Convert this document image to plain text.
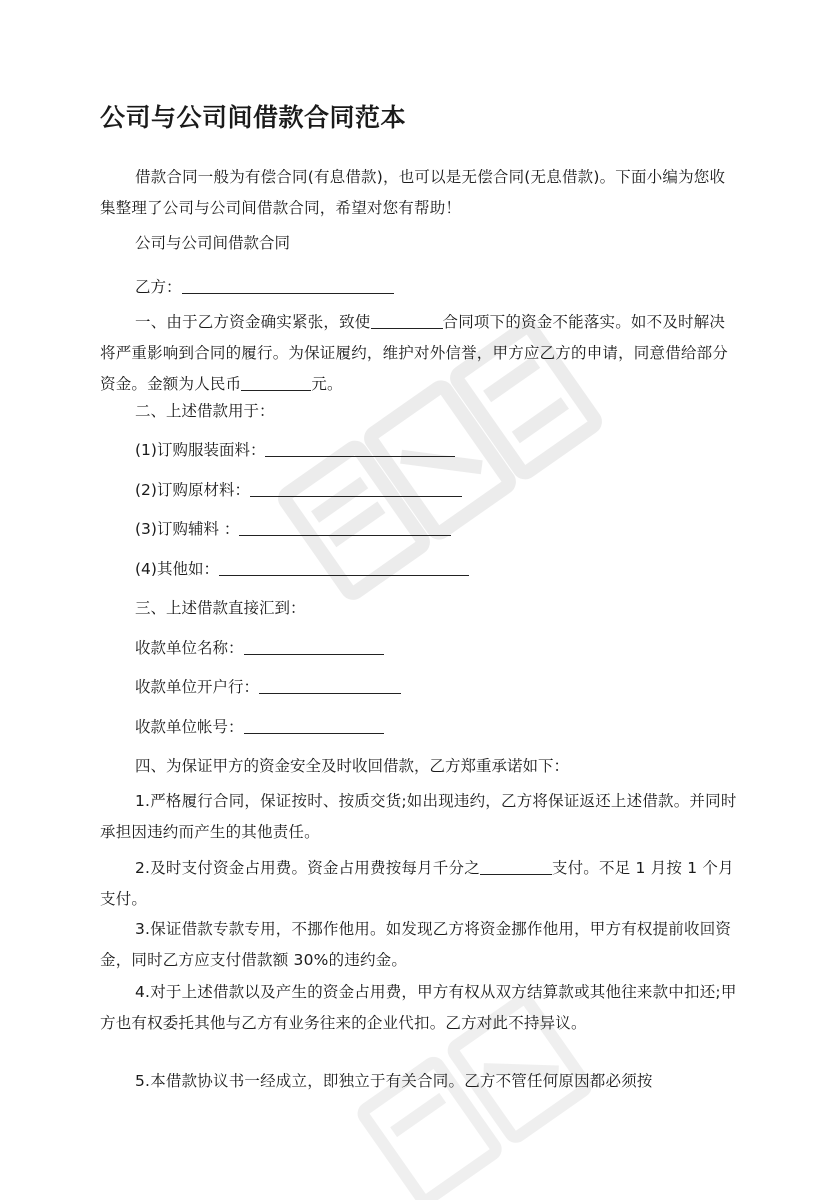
公司与公司间借款合同范本
借款合同一般为有偿合同(有息借款)，也可以是无偿合同(无息借款)。下面小编为您收集整理了公司与公司间借款合同，希望对您有帮助！
公司与公司间借款合同
乙方：
一、由于乙方资金确实紧张，致使	合同项下的资金不能落实。如不及时解决将严重影响到合同的履行。为保证履约，维护对外信誉，甲方应乙方的申请，同意借给部分资金。金额为人民币	元。
二、上述借款用于：
(1)订购服装面料：
(2)订购原材料：
(3)订购辅料 ：
(4)其他如：
三、上述借款直接汇到：
收款单位名称：
收款单位开户行：
收款单位帐号：
四、为保证甲方的资金安全及时收回借款，乙方郑重承诺如下：
1.严格履行合同，保证按时、按质交货;如出现违约，乙方将保证返还上述借款。并同时承担因违约而产生的其他责任。
2.及时支付资金占用费。资金占用费按每月千分之	支付。不足 1 月按 1 个月支付。
3.保证借款专款专用，不挪作他用。如发现乙方将资金挪作他用，甲方有权提前收回资金，同时乙方应支付借款额 30%的违约金。
4.对于上述借款以及产生的资金占用费，甲方有权从双方结算款或其他往来款中扣还;甲方也有权委托其他与乙方有业务往来的企业代扣。乙方对此不持异议。
5.本借款协议书一经成立，即独立于有关合同。乙方不管任何原因都必须按
